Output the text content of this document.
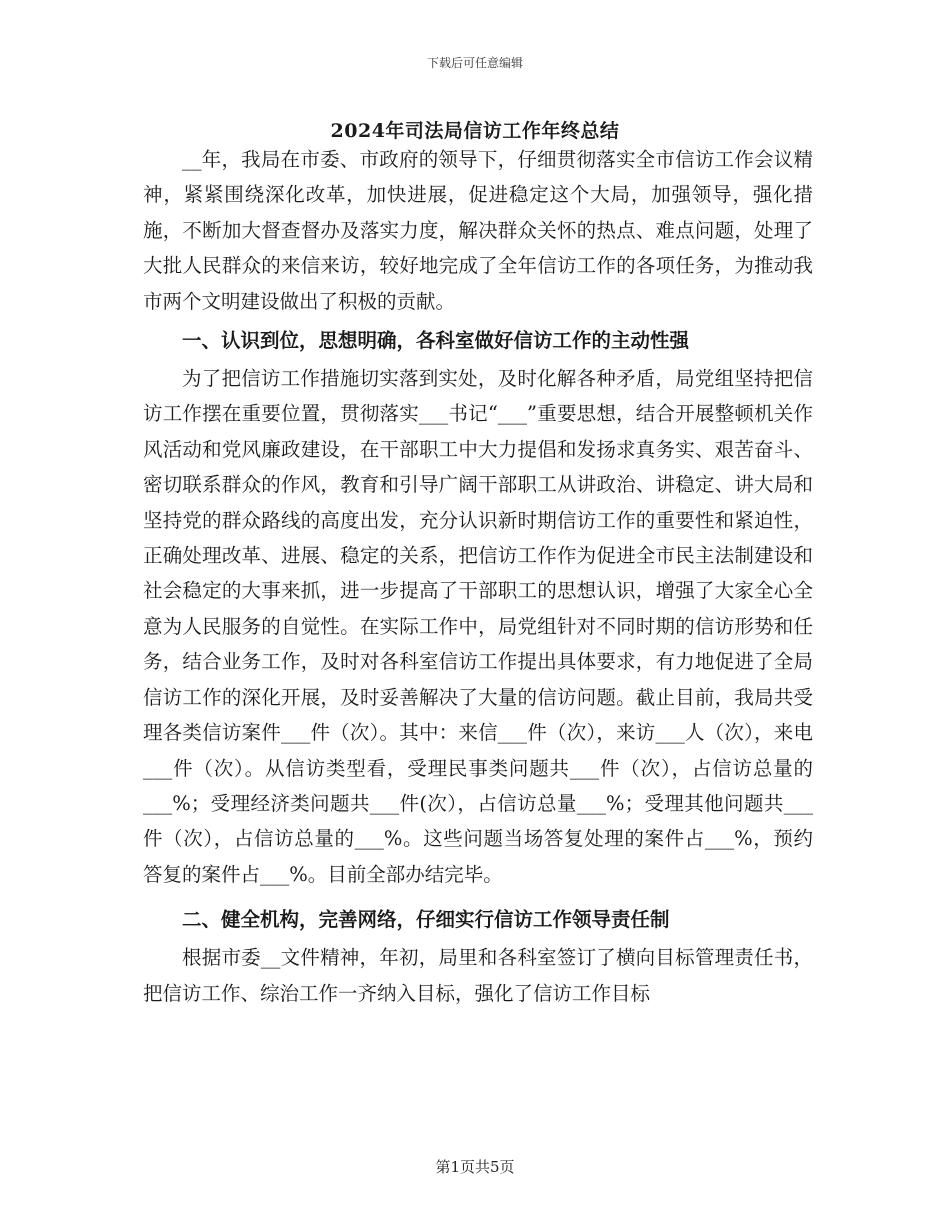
下载后可任意编辑
2024年司法局信访工作年终总结

__年，我局在市委、市政府的领导下，仔细贯彻落实全市信访工作会议精神，紧紧围绕深化改革，加快进展，促进稳定这个大局，加强领导，强化措施，不断加大督查督办及落实力度，解决群众关怀的热点、难点问题，处理了大批人民群众的来信来访，较好地完成了全年信访工作的各项任务，为推动我市两个文明建设做出了积极的贡献。

一、认识到位，思想明确，各科室做好信访工作的主动性强

为了把信访工作措施切实落到实处，及时化解各种矛盾，局党组坚持把信访工作摆在重要位置，贯彻落实___书记“___”重要思想，结合开展整顿机关作风活动和党风廉政建设，在干部职工中大力提倡和发扬求真务实、艰苦奋斗、密切联系群众的作风，教育和引导广阔干部职工从讲政治、讲稳定、讲大局和坚持党的群众路线的高度出发，充分认识新时期信访工作的重要性和紧迫性，正确处理改革、进展、稳定的关系，把信访工作作为促进全市民主法制建设和社会稳定的大事来抓，进一步提高了干部职工的思想认识，增强了大家全心全意为人民服务的自觉性。在实际工作中，局党组针对不同时期的信访形势和任务，结合业务工作，及时对各科室信访工作提出具体要求，有力地促进了全局信访工作的深化开展，及时妥善解决了大量的信访问题。截止目前，我局共受理各类信访案件___件（次）。其中：来信___件（次），来访___人（次），来电___件（次）。从信访类型看，受理民事类问题共___件（次），占信访总量的___%；受理经济类问题共___件(次），占信访总量___%；受理其他问题共___件（次），占信访总量的___%。这些问题当场答复处理的案件占___%，预约答复的案件占___%。目前全部办结完毕。

二、健全机构，完善网络，仔细实行信访工作领导责任制

根据市委__文件精神，年初，局里和各科室签订了横向目标管理责任书，把信访工作、综治工作一齐纳入目标，强化了信访工作目标

第1页共5页
